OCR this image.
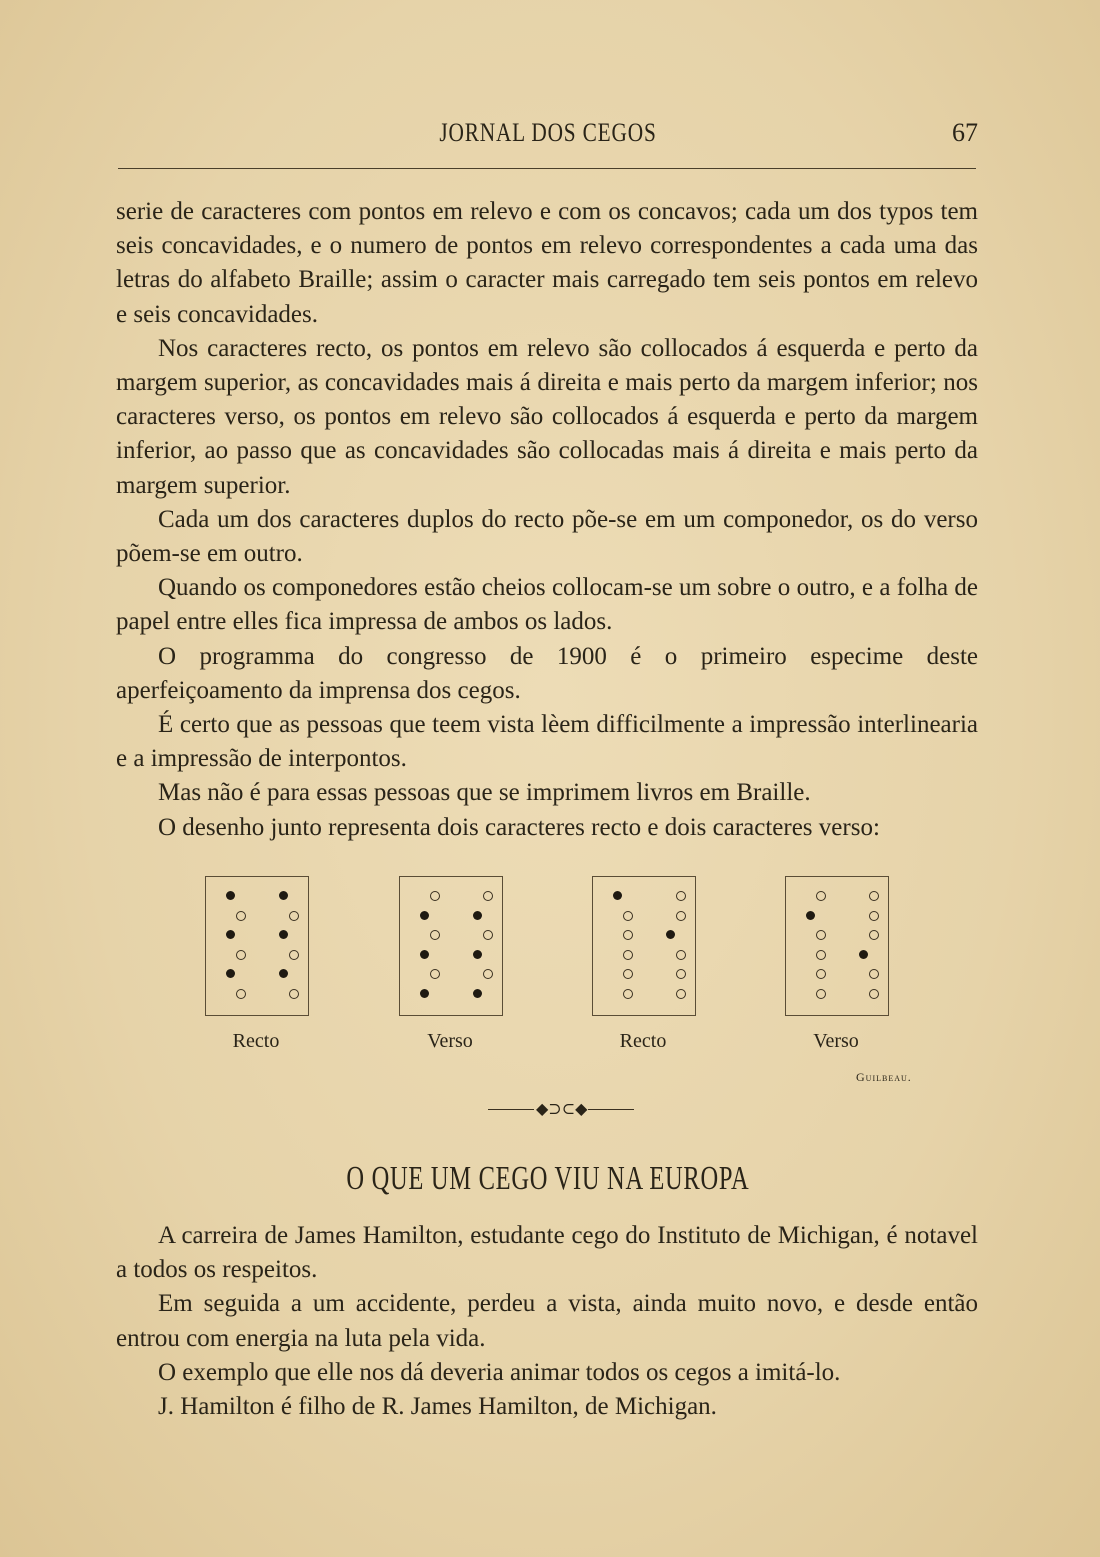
JORNAL DOS CEGOS	67

serie de caracteres com pontos em relevo e com os concavos; cada um dos typos tem seis concavidades, e o numero de pontos em relevo correspondentes a cada uma das letras do alfabeto Braille; assim o caracter mais carregado tem seis pontos em relevo e seis concavidades.

Nos caracteres recto, os pontos em relevo são collocados á esquerda e perto da margem superior, as concavidades mais á direita e mais perto da margem inferior; nos caracteres verso, os pontos em relevo são collocados á esquerda e perto da margem inferior, ao passo que as concavidades são collocadas mais á direita e mais perto da margem superior.

Cada um dos caracteres duplos do recto põe-se em um componedor, os do verso põem-se em outro.

Quando os componedores estão cheios collocam-se um sobre o outro, e a folha de papel entre elles fica impressa de ambos os lados.

O programma do congresso de 1900 é o primeiro especime deste aperfeiçoamento da imprensa dos cegos.

É certo que as pessoas que teem vista lèem difficilmente a impressão interlinearia e a impressão de interpontos.

Mas não é para essas pessoas que se imprimem livros em Braille.

O desenho junto representa dois caracteres recto e dois caracteres verso:

Recto	Verso	Recto	Verso
Guilbeau.
◆⊃⊂◆
O QUE UM CEGO VIU NA EUROPA

A carreira de James Hamilton, estudante cego do Instituto de Michigan, é notavel a todos os respeitos.

Em seguida a um accidente, perdeu a vista, ainda muito novo, e desde então entrou com energia na luta pela vida.

O exemplo que elle nos dá deveria animar todos os cegos a imitá-lo.

J. Hamilton é filho de R. James Hamilton, de Michigan.
